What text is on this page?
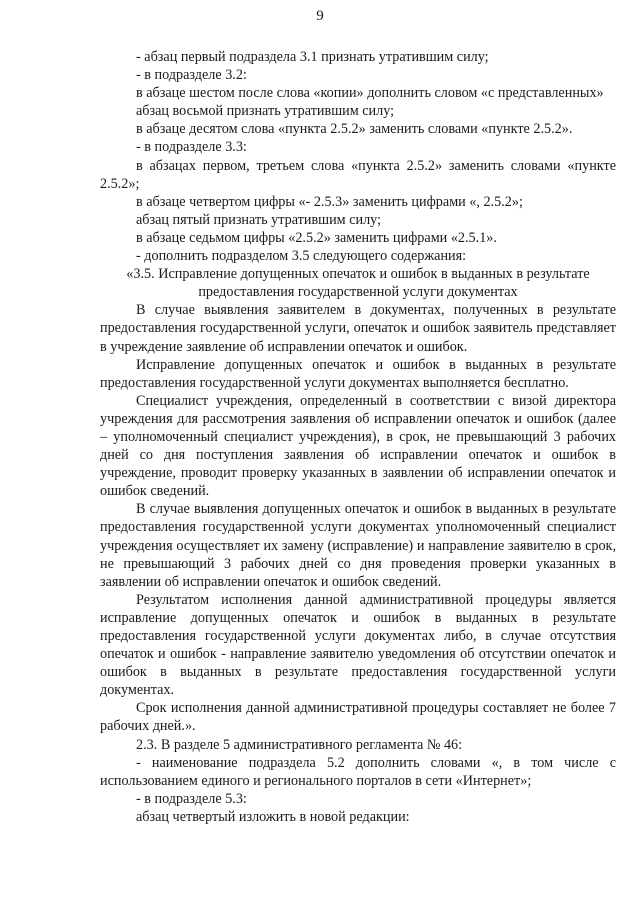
9

- абзац первый подраздела 3.1 признать утратившим силу;

- в подразделе 3.2:

в абзаце шестом после слова «копии» дополнить словом «с представленных»

абзац восьмой признать утратившим силу;

в абзаце десятом слова «пункта 2.5.2» заменить словами «пункте 2.5.2».

- в подразделе 3.3:

в абзацах первом, третьем слова «пункта 2.5.2» заменить словами «пункте 2.5.2»;

в абзаце четвертом цифры «- 2.5.3» заменить цифрами «, 2.5.2»;

абзац пятый признать утратившим силу;

в абзаце седьмом цифры «2.5.2» заменить цифрами «2.5.1».

- дополнить подразделом 3.5 следующего содержания:

«3.5. Исправление допущенных опечаток и ошибок в выданных в результате предоставления государственной услуги документах

В случае выявления заявителем в документах, полученных в результате предоставления государственной услуги, опечаток и ошибок заявитель представляет в учреждение заявление об исправлении опечаток и ошибок.

Исправление допущенных опечаток и ошибок в выданных в результате предоставления государственной услуги документах выполняется бесплатно.

Специалист учреждения, определенный в соответствии с визой директора учреждения для рассмотрения заявления об исправлении опечаток и ошибок (далее – уполномоченный специалист учреждения), в срок, не превышающий 3 рабочих дней со дня поступления заявления об исправлении опечаток и ошибок в учреждение, проводит проверку указанных в заявлении об исправлении опечаток и ошибок сведений.

В случае выявления допущенных опечаток и ошибок в выданных в результате предоставления государственной услуги документах уполномоченный специалист учреждения осуществляет их замену (исправление) и направление заявителю в срок, не превышающий 3 рабочих дней со дня проведения проверки указанных в заявлении об исправлении опечаток и ошибок сведений.

Результатом исполнения данной административной процедуры является исправление допущенных опечаток и ошибок в выданных в результате предоставления государственной услуги документах либо, в случае отсутствия опечаток и ошибок - направление заявителю уведомления об отсутствии опечаток и ошибок в выданных в результате предоставления государственной услуги документах.

Срок исполнения данной административной процедуры составляет не более 7 рабочих дней.».

2.3. В разделе 5 административного регламента № 46:

- наименование подраздела 5.2 дополнить словами «, в том числе с использованием единого и регионального порталов в сети «Интернет»;

- в подразделе 5.3:

абзац четвертый изложить в новой редакции:
